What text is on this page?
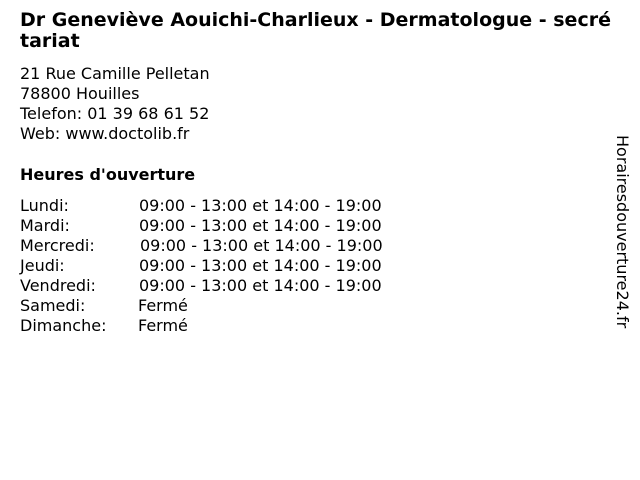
Dr Geneviève Aouichi-Charlieux - Dermatologue - secrétariat
21 Rue Camille Pelletan
78800 Houilles
Telefon: 01 39 68 61 52
Web: www.doctolib.fr
Heures d'ouverture
Lundi:	09:00 - 13:00 et 14:00 - 19:00
Mardi:	09:00 - 13:00 et 14:00 - 19:00
Mercredi:	09:00 - 13:00 et 14:00 - 19:00
Jeudi:	09:00 - 13:00 et 14:00 - 19:00
Vendredi:	09:00 - 13:00 et 14:00 - 19:00
Samedi:	Fermé
Dimanche: Fermé	Horairesdouverture24.fr
